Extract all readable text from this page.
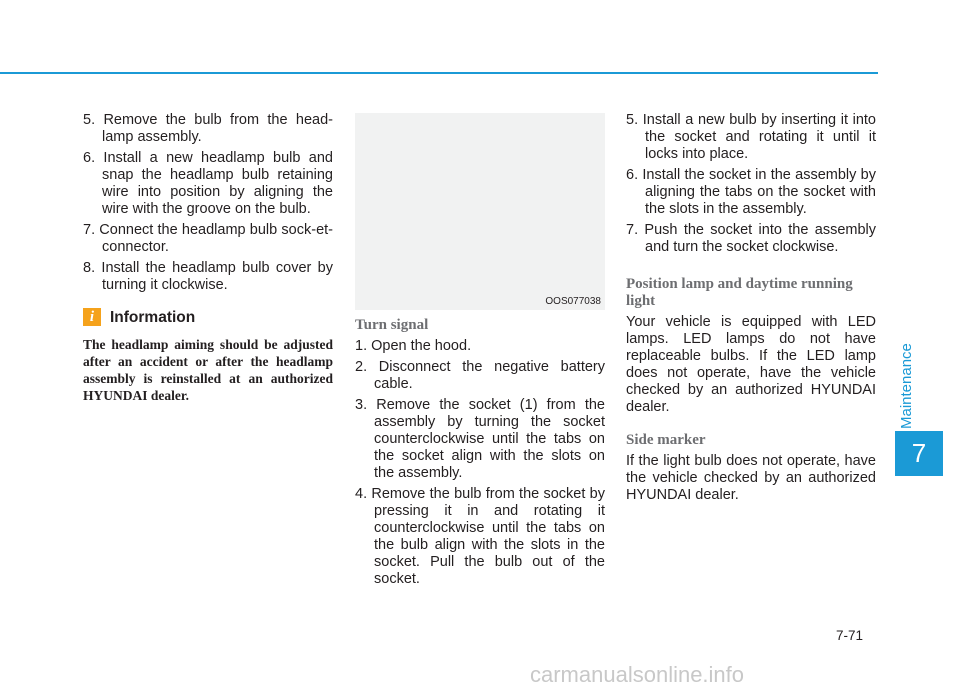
Maintenance
7
5. Remove the bulb from the head-lamp assembly.
6. Install a new headlamp bulb and snap the headlamp bulb retaining wire into position by aligning the wire with the groove on the bulb.
7. Connect the headlamp bulb sock-et-connector.
8. Install the headlamp bulb cover by turning it clockwise.
i	Information
The headlamp aiming should be adjusted after an accident or after the headlamp assembly is reinstalled at an authorized HYUNDAI dealer.
OOS077038
Turn signal
1. Open the hood.
2. Disconnect the negative battery cable.
3. Remove the socket (1) from the assembly by turning the socket counterclockwise until the tabs on the socket align with the slots on the assembly.
4. Remove the bulb from the socket by pressing it in and rotating it counterclockwise until the tabs on the bulb align with the slots in the socket. Pull the bulb out of the socket.
5. Install a new bulb by inserting it into the socket and rotating it until it locks into place.
6. Install the socket in the assembly by aligning the tabs on the socket with the slots in the assembly.
7. Push the socket into the assembly and turn the socket clockwise.
Position lamp and daytime running light

Your vehicle is equipped with LED lamps. LED lamps do not have replaceable bulbs. If the LED lamp does not operate, have the vehicle checked by an authorized HYUNDAI dealer.

Side marker

If the light bulb does not operate, have the vehicle checked by an authorized HYUNDAI dealer.

7-71
carmanualsonline.info
